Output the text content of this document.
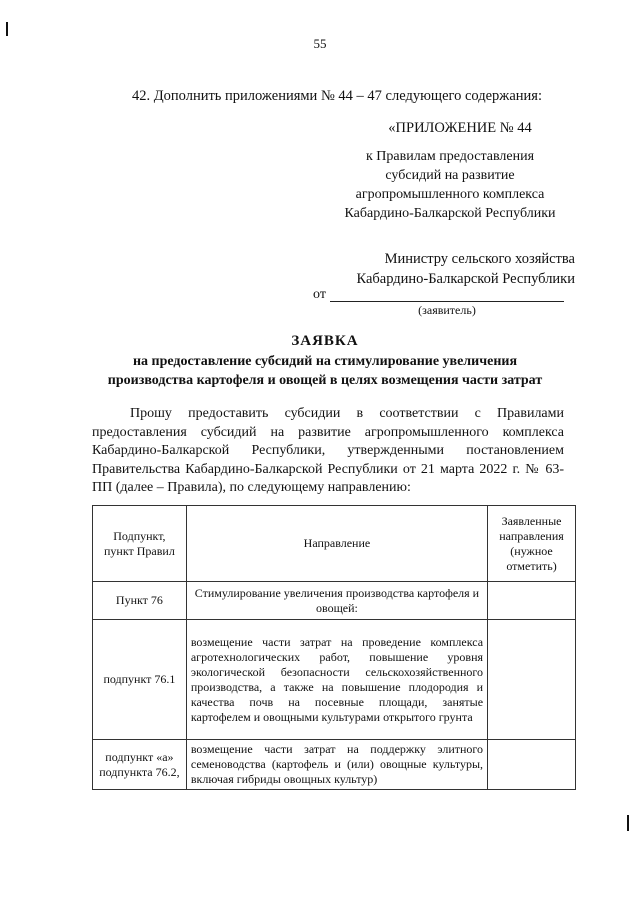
55
42. Дополнить приложениями № 44 – 47 следующего содержания:
«ПРИЛОЖЕНИЕ № 44
к Правилам предоставления
субсидий на развитие
агропромышленного комплекса
Кабардино-Балкарской Республики
Министру сельского хозяйства
Кабардино-Балкарской Республики
от
(заявитель)
ЗАЯВКА
на предоставление субсидий на стимулирование увеличения
производства картофеля и овощей в целях возмещения части затрат
Прошу предоставить субсидии в соответствии с Правилами предоставления субсидий на развитие агропромышленного комплекса Кабардино-Балкарской Республики, утвержденными постановлением Правительства Кабардино-Балкарской Республики от 21 марта 2022 г. № 63-ПП (далее – Правила), по следующему направлению:
Подпункт, пункт Правил	Направление	Заявленные направления (нужное отметить)
Пункт 76	Стимулирование увеличения производства картофеля и овощей:	
подпункт 76.1	возмещение части затрат на проведение комплекса агротехнологических работ, повышение уровня экологической безопасности сельскохозяйственного производства, а также на повышение плодородия и качества почв на посевные площади, занятые картофелем и овощными культурами открытого грунта	
подпункт «а» подпункта 76.2,	возмещение части затрат на поддержку элитного семеноводства (картофель и (или) овощные культуры, включая гибриды овощных культур)	
